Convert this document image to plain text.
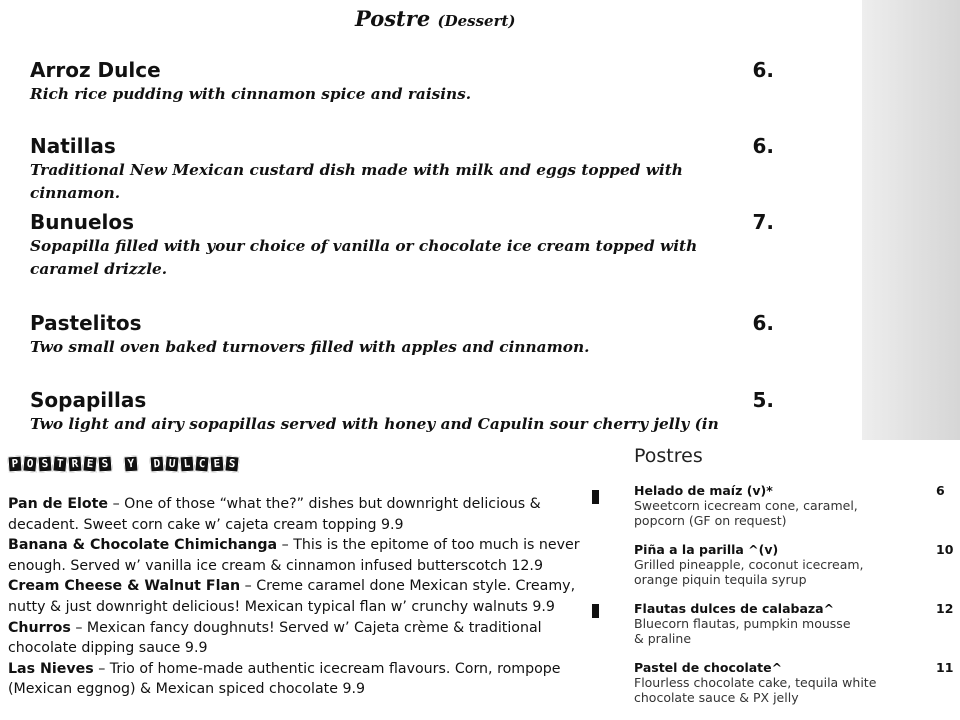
Postre (Dessert)
Arroz Dulce	6.
Rich rice pudding with cinnamon spice and raisins.
Natillas	6.
Traditional New Mexican custard dish made with milk and eggs topped with cinnamon.
Bunuelos	7.
Sopapilla filled with your choice of vanilla or chocolate ice cream topped with
caramel drizzle.
Pastelitos	6.
Two small oven baked turnovers filled with apples and cinnamon.
Sopapillas	5.
Two light and airy sopapillas served with honey and Capulin sour cherry jelly (in
P O S T R E S	Y	D U L C E S

Pan de Elote – One of those “what the?” dishes but downright delicious & decadent. Sweet corn cake w’ cajeta cream topping 9.9

Banana & Chocolate Chimichanga – This is the epitome of too much is never enough. Served w’ vanilla ice cream & cinnamon infused butterscotch 12.9

Cream Cheese & Walnut Flan – Creme caramel done Mexican style. Creamy, nutty & just downright delicious! Mexican typical flan w’ crunchy walnuts 9.9

Churros – Mexican fancy doughnuts! Served w’ Cajeta crème & traditional chocolate dipping sauce 9.9

Las Nieves – Trio of home-made authentic icecream flavours. Corn, rompope (Mexican eggnog) & Mexican spiced chocolate 9.9

Postres
Helado de maíz (v)*	6
Sweetcorn icecream cone, caramel,
popcorn (GF on request)
Piña a la parilla ^(v)	10
Grilled pineapple, coconut icecream,
orange piquin tequila syrup
Flautas dulces de calabaza^	12
Bluecorn flautas, pumpkin mousse
& praline
Pastel de chocolate^	11
Flourless chocolate cake, tequila white
chocolate sauce & PX jelly
